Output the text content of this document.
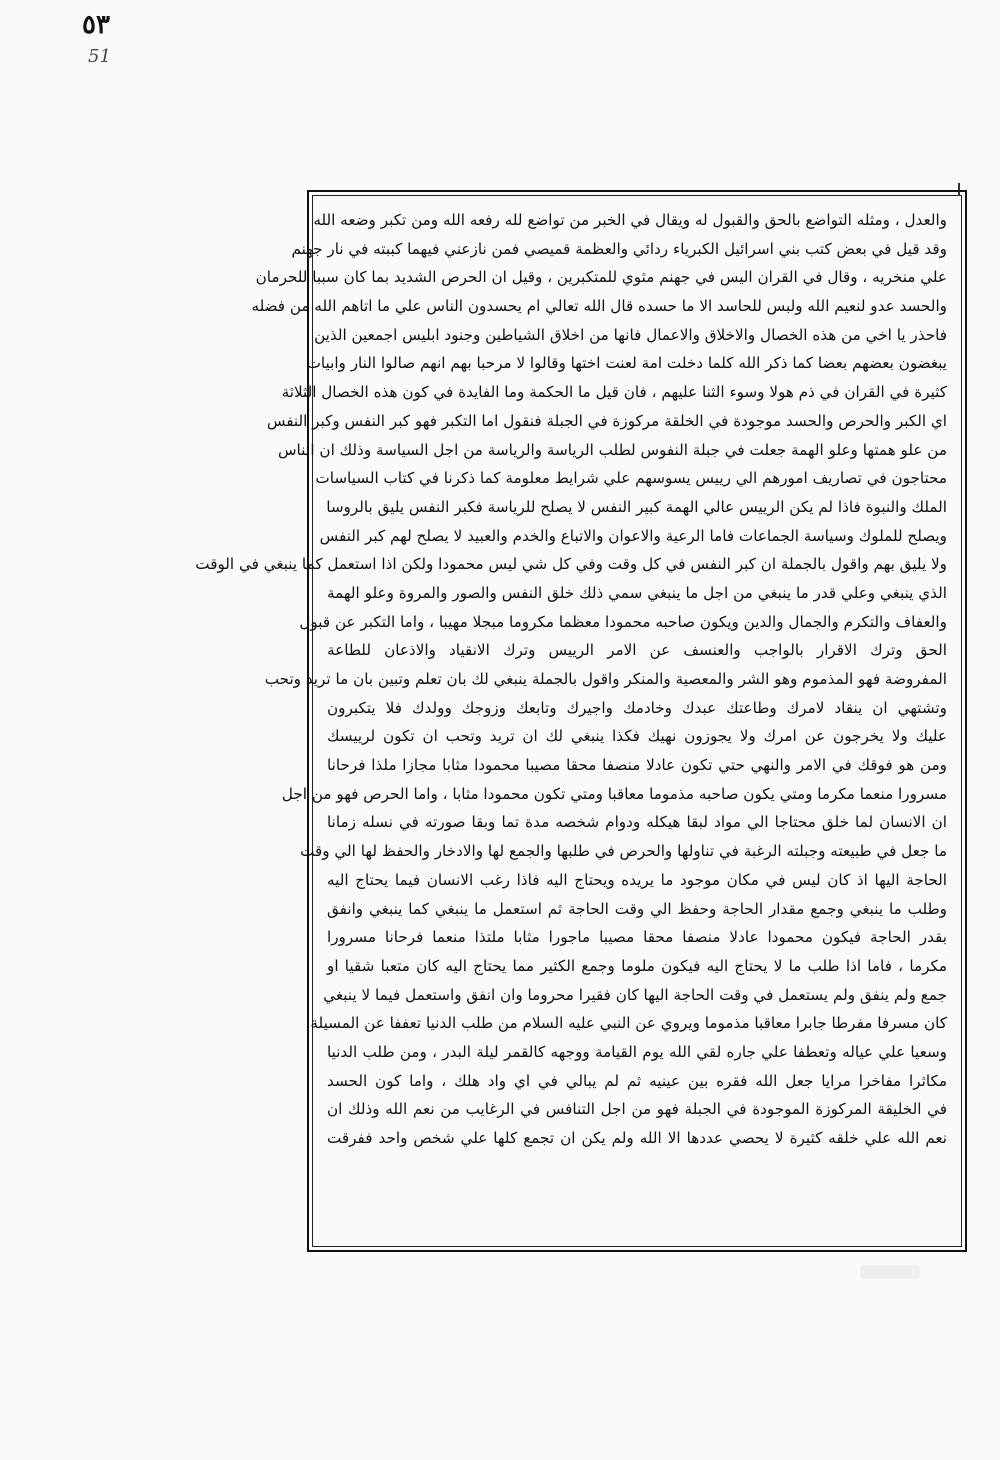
٥٣
51
والعدل ، ومثله التواضع بالحق والقبول له ويقال في الخبر من تواضع لله رفعه الله ومن تكبر وضعه الله
وقد قيل في بعض كتب بني اسرائيل الكبرياء ردائي والعظمة قميصي فمن نازعني فيهما كببته في نار جهنم
علي منخريه ، وقال في القران اليس في جهنم مثوي للمتكبرين ، وقيل ان الحرص الشديد بما كان سببا للحرمان
والحسد عدو لنعيم الله ولبس للحاسد الا ما حسده قال الله تعالي ام يحسدون الناس علي ما اتاهم الله من فضله
فاحذر يا اخي من هذه الخصال والاخلاق والاعمال فانها من اخلاق الشياطين وجنود ابليس اجمعين الذين
يبغضون بعضهم بعضا كما ذكر الله كلما دخلت امة لعنت اختها وقالوا لا مرحبا بهم انهم صالوا النار وابيات
كثيرة في القران في ذم هولا وسوء الثنا عليهم ، فان قيل ما الحكمة وما الفايدة في كون هذه الخصال الثلاثة
اي الكبر والحرص والحسد موجودة في الخلقة مركوزة في الجبلة فنقول اما التكبر فهو كبر النفس وكبر النفس
من علو همتها وعلو الهمة جعلت في جبلة النفوس لطلب الرياسة والرياسة من اجل السياسة وذلك ان الناس
محتاجون في تصاريف امورهم الي رييس يسوسهم علي شرايط معلومة كما ذكرنا في كتاب السياسات
الملك والنبوة فاذا لم يكن الرييس عالي الهمة كبير النفس لا يصلح للرياسة فكبر النفس يليق بالروسا
ويصلح للملوك وسياسة الجماعات فاما الرعية والاعوان والاتباع والخدم والعبيد لا يصلح لهم كبر النفس
ولا يليق بهم واقول بالجملة ان كبر النفس في كل وقت وفي كل شي ليس محمودا ولكن اذا استعمل كما ينبغي في الوقت
الذي ينبغي وعلي قدر ما ينبغي من اجل ما ينبغي سمي ذلك خلق النفس والصور والمروة وعلو الهمة
والعفاف والتكرم والجمال والدين ويكون صاحبه محمودا معظما مكروما مبجلا مهيبا ، واما التكبر عن قبول
الحق وترك الاقرار بالواجب والعنسف عن الامر الرييس وترك الانقياد والاذعان للطاعة
المفروضة فهو المذموم وهو الشر والمعصية والمنكر واقول بالجملة ينبغي لك بان تعلم وتبين بان ما تريد وتحب
وتشتهي ان ينقاد لامرك وطاعتك عبدك وخادمك واجيرك وتابعك وزوجك وولدك فلا يتكبرون
عليك ولا يخرجون عن امرك ولا يجوزون نهيك فكذا ينبغي لك ان تريد وتحب ان تكون لرييسك
ومن هو فوقك في الامر والنهي حتي تكون عادلا منصفا محقا مصيبا محمودا مثابا مجازا ملذا فرحانا
مسرورا منعما مكرما ومتي يكون صاحبه مذموما معاقبا ومتي تكون محمودا مثابا ، واما الحرص فهو من اجل
ان الانسان لما خلق محتاجا الي مواد لبقا هيكله ودوام شخصه مدة تما وبقا صورته في نسله زمانا
ما جعل في طبيعته وجبلته الرغبة في تناولها والحرص في طلبها والجمع لها والادخار والحفظ لها الي وقت
الحاجة اليها اذ كان ليس في مكان موجود ما يريده ويحتاج اليه فاذا رغب الانسان فيما يحتاج اليه
وطلب ما ينبغي وجمع مقدار الحاجة وحفظ الي وقت الحاجة ثم استعمل ما ينبغي كما ينبغي وانفق
بقدر الحاجة فيكون محمودا عادلا منصفا محقا مصيبا ماجورا مثابا ملتذا منعما فرحانا مسرورا
مكرما ، فاما اذا طلب ما لا يحتاج اليه فيكون ملوما وجمع الكثير مما يحتاج اليه كان متعبا شقيا او
جمع ولم ينفق ولم يستعمل في وقت الحاجة اليها كان فقيرا محروما وان انفق واستعمل فيما لا ينبغي
كان مسرفا مفرطا جابرا معاقبا مذموما ويروي عن النبي عليه السلام من طلب الدنيا تعففا عن المسيلة
وسعيا علي عياله وتعطفا علي جاره لقي الله يوم القيامة ووجهه كالقمر ليلة البدر ، ومن طلب الدنيا
مكاثرا مفاخرا مرايا جعل الله فقره بين عينيه ثم لم يبالي في اي واد هلك ، واما كون الحسد
في الخليقة المركوزة الموجودة في الجبلة فهو من اجل التنافس في الرغايب من نعم الله وذلك ان
نعم الله علي خلقه كثيرة لا يحصي عددها الا الله ولم يكن ان تجمع كلها علي شخص واحد ففرقت
